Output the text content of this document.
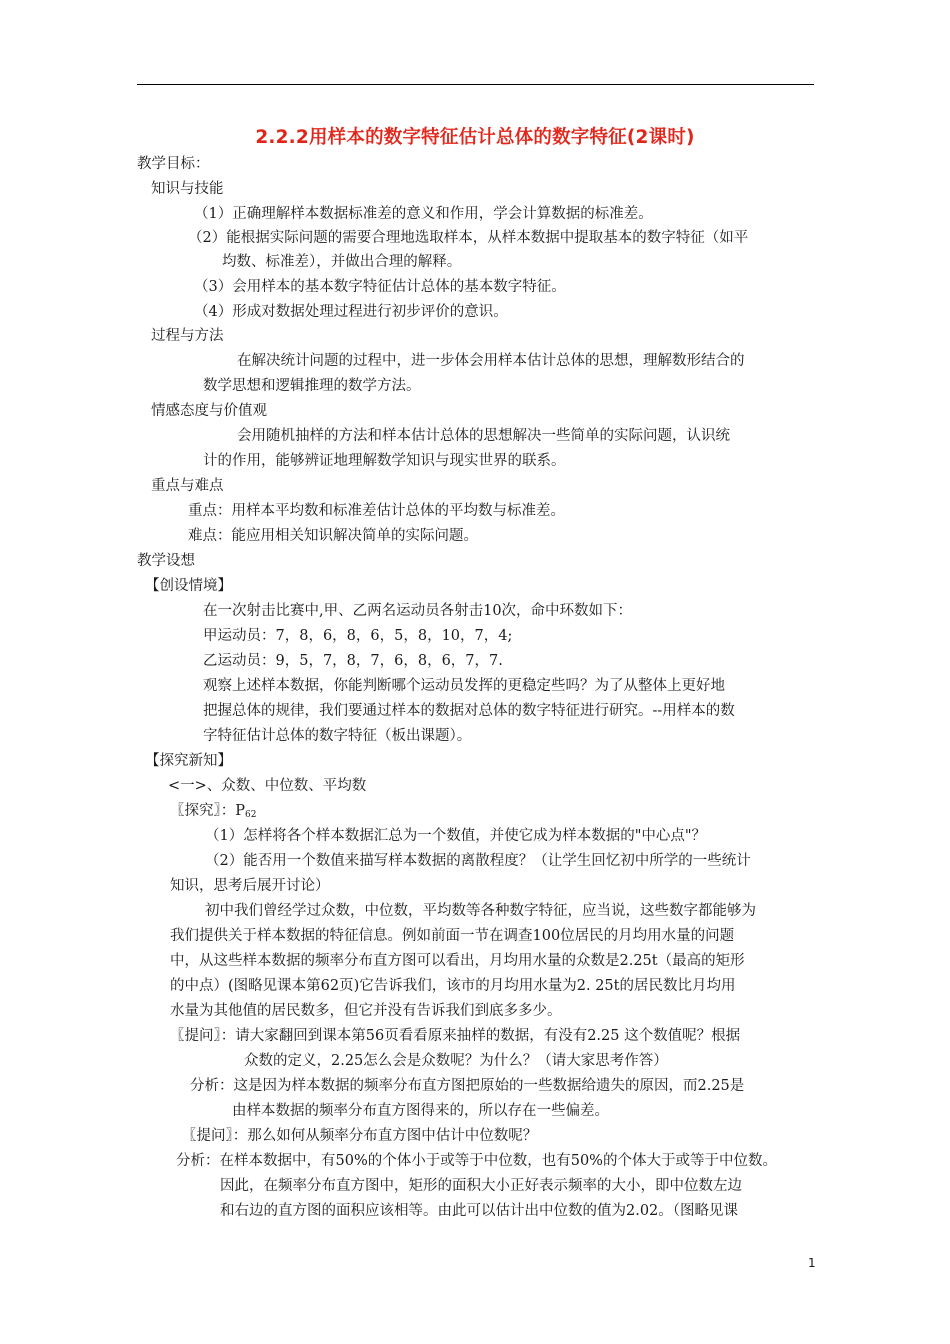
2.2.2用样本的数字特征估计总体的数字特征(2课时)
教学目标：
知识与技能
（1）正确理解样本数据标准差的意义和作用，学会计算数据的标准差。
（2）能根据实际问题的需要合理地选取样本，从样本数据中提取基本的数字特征（如平
均数、标准差），并做出合理的解释。
（3）会用样本的基本数字特征估计总体的基本数字特征。
（4）形成对数据处理过程进行初步评价的意识。
过程与方法
在解决统计问题的过程中，进一步体会用样本估计总体的思想，理解数形结合的
数学思想和逻辑推理的数学方法。
情感态度与价值观
会用随机抽样的方法和样本估计总体的思想解决一些简单的实际问题，认识统
计的作用，能够辨证地理解数学知识与现实世界的联系。
重点与难点
重点：用样本平均数和标准差估计总体的平均数与标准差。
难点：能应用相关知识解决简单的实际问题。
教学设想
【创设情境】
在一次射击比赛中,甲、乙两名运动员各射击10次，命中环数如下：
甲运动员：7，8，6，8，6，5，8，10，7，4;
乙运动员：9，5，7，8，7，6，8，6，7，7.
观察上述样本数据，你能判断哪个运动员发挥的更稳定些吗？为了从整体上更好地
把握总体的规律，我们要通过样本的数据对总体的数字特征进行研究。--用样本的数
字特征估计总体的数字特征（板出课题）。
【探究新知】
<一>、众数、中位数、平均数
〖探究〗：$P_{62}$
（1）怎样将各个样本数据汇总为一个数值，并使它成为样本数据的"中心点"？
（2）能否用一个数值来描写样本数据的离散程度？（让学生回忆初中所学的一些统计
知识，思考后展开讨论）
初中我们曾经学过众数，中位数，平均数等各种数字特征，应当说，这些数字都能够为
我们提供关于样本数据的特征信息。例如前面一节在调查100位居民的月均用水量的问题
中，从这些样本数据的频率分布直方图可以看出，月均用水量的众数是2.25t（最高的矩形
的中点）(图略见课本第62页)它告诉我们，该市的月均用水量为2. 25t的居民数比月均用
水量为其他值的居民数多，但它并没有告诉我们到底多多少。
〖提问〗：请大家翻回到课本第56页看看原来抽样的数据，有没有2.25 这个数值呢？根据
众数的定义，2.25怎么会是众数呢？为什么？（请大家思考作答）
分析：这是因为样本数据的频率分布直方图把原始的一些数据给遗失的原因，而2.25是
由样本数据的频率分布直方图得来的，所以存在一些偏差。
〖提问〗：那么如何从频率分布直方图中估计中位数呢？
分析：在样本数据中，有50%的个体小于或等于中位数，也有50%的个体大于或等于中位数。
因此，在频率分布直方图中，矩形的面积大小正好表示频率的大小，即中位数左边
和右边的直方图的面积应该相等。由此可以估计出中位数的值为2.02。（图略见课
1
